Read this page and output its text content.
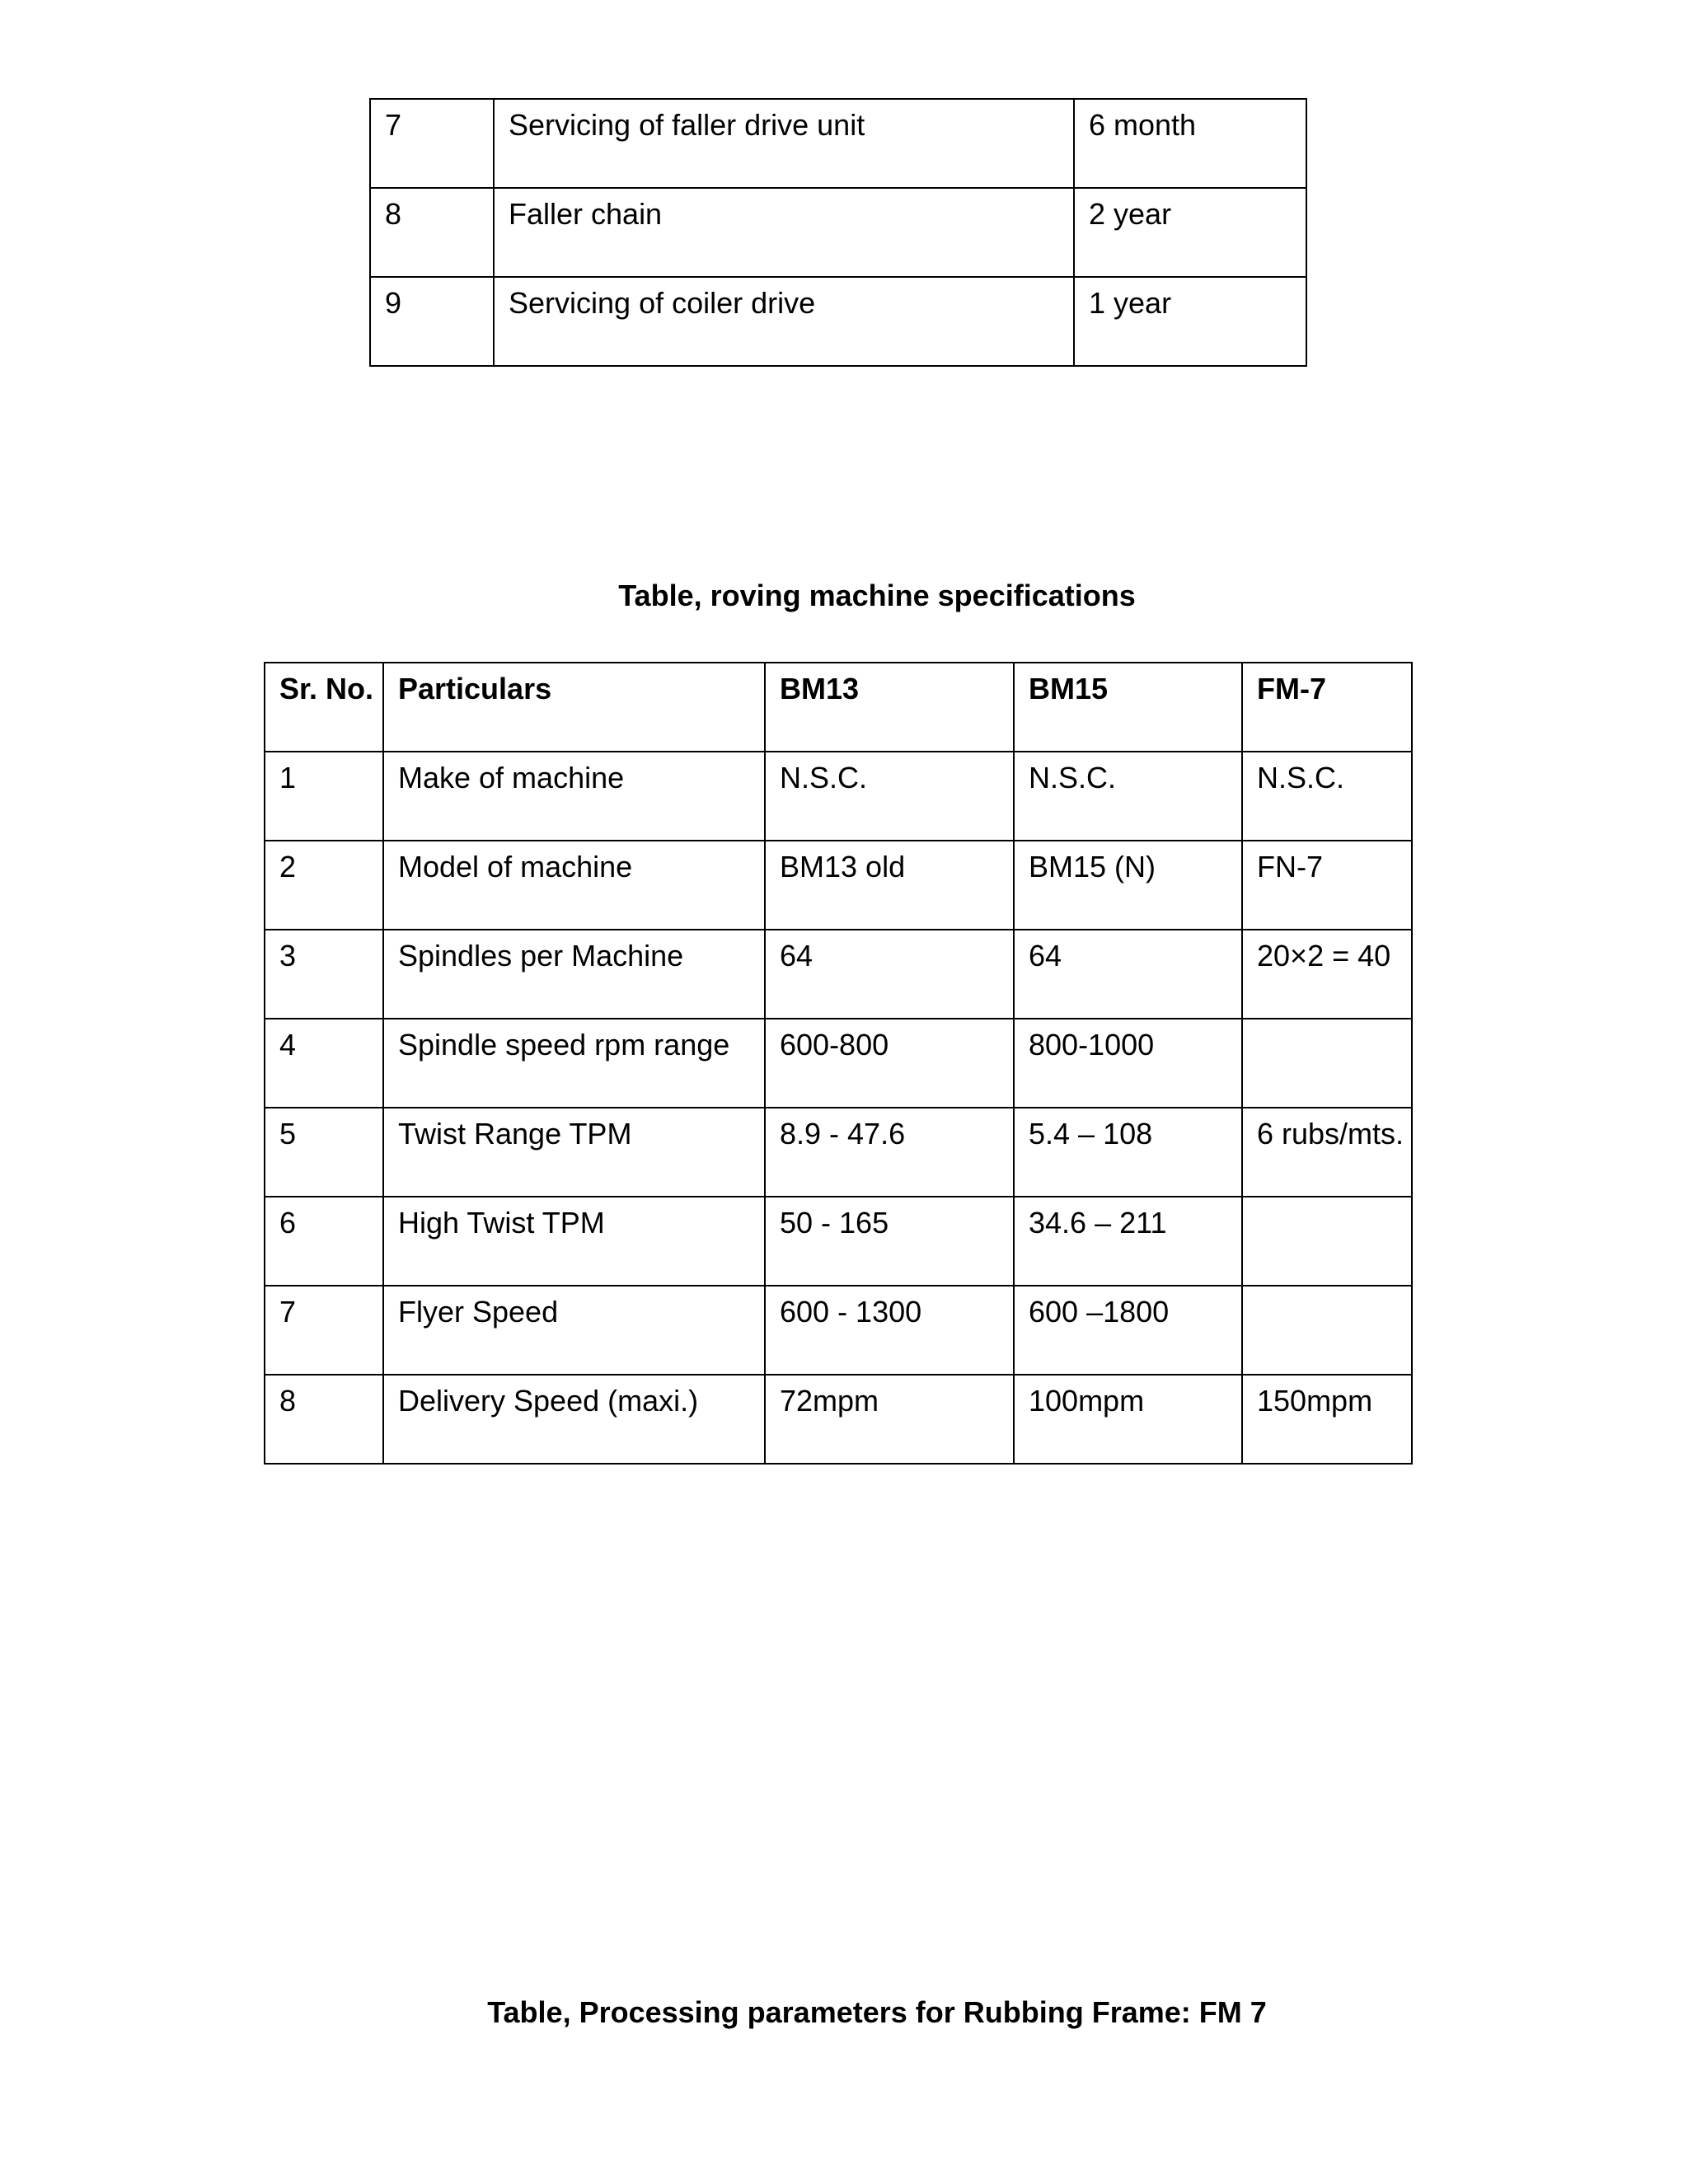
7	Servicing of faller drive unit	6 month
8	Faller chain	2 year
9	Servicing of coiler drive	1 year

Table, roving machine specifications

Sr. No.	Particulars	BM13	BM15	FM-7
1	Make of machine	N.S.C.	N.S.C.	N.S.C.
2	Model of machine	BM13 old	BM15 (N)	FN-7
3	Spindles per Machine	64	64	20×2 = 40
4	Spindle speed rpm range	600-800	800-1000	
5	Twist Range TPM	8.9 - 47.6	5.4 – 108	6 rubs/mts.
6	High Twist TPM	50 - 165	34.6 – 211	
7	Flyer Speed	600 - 1300	600 –1800	
8	Delivery Speed (maxi.)	72mpm	100mpm	150mpm

Table, Processing parameters for Rubbing Frame: FM 7
